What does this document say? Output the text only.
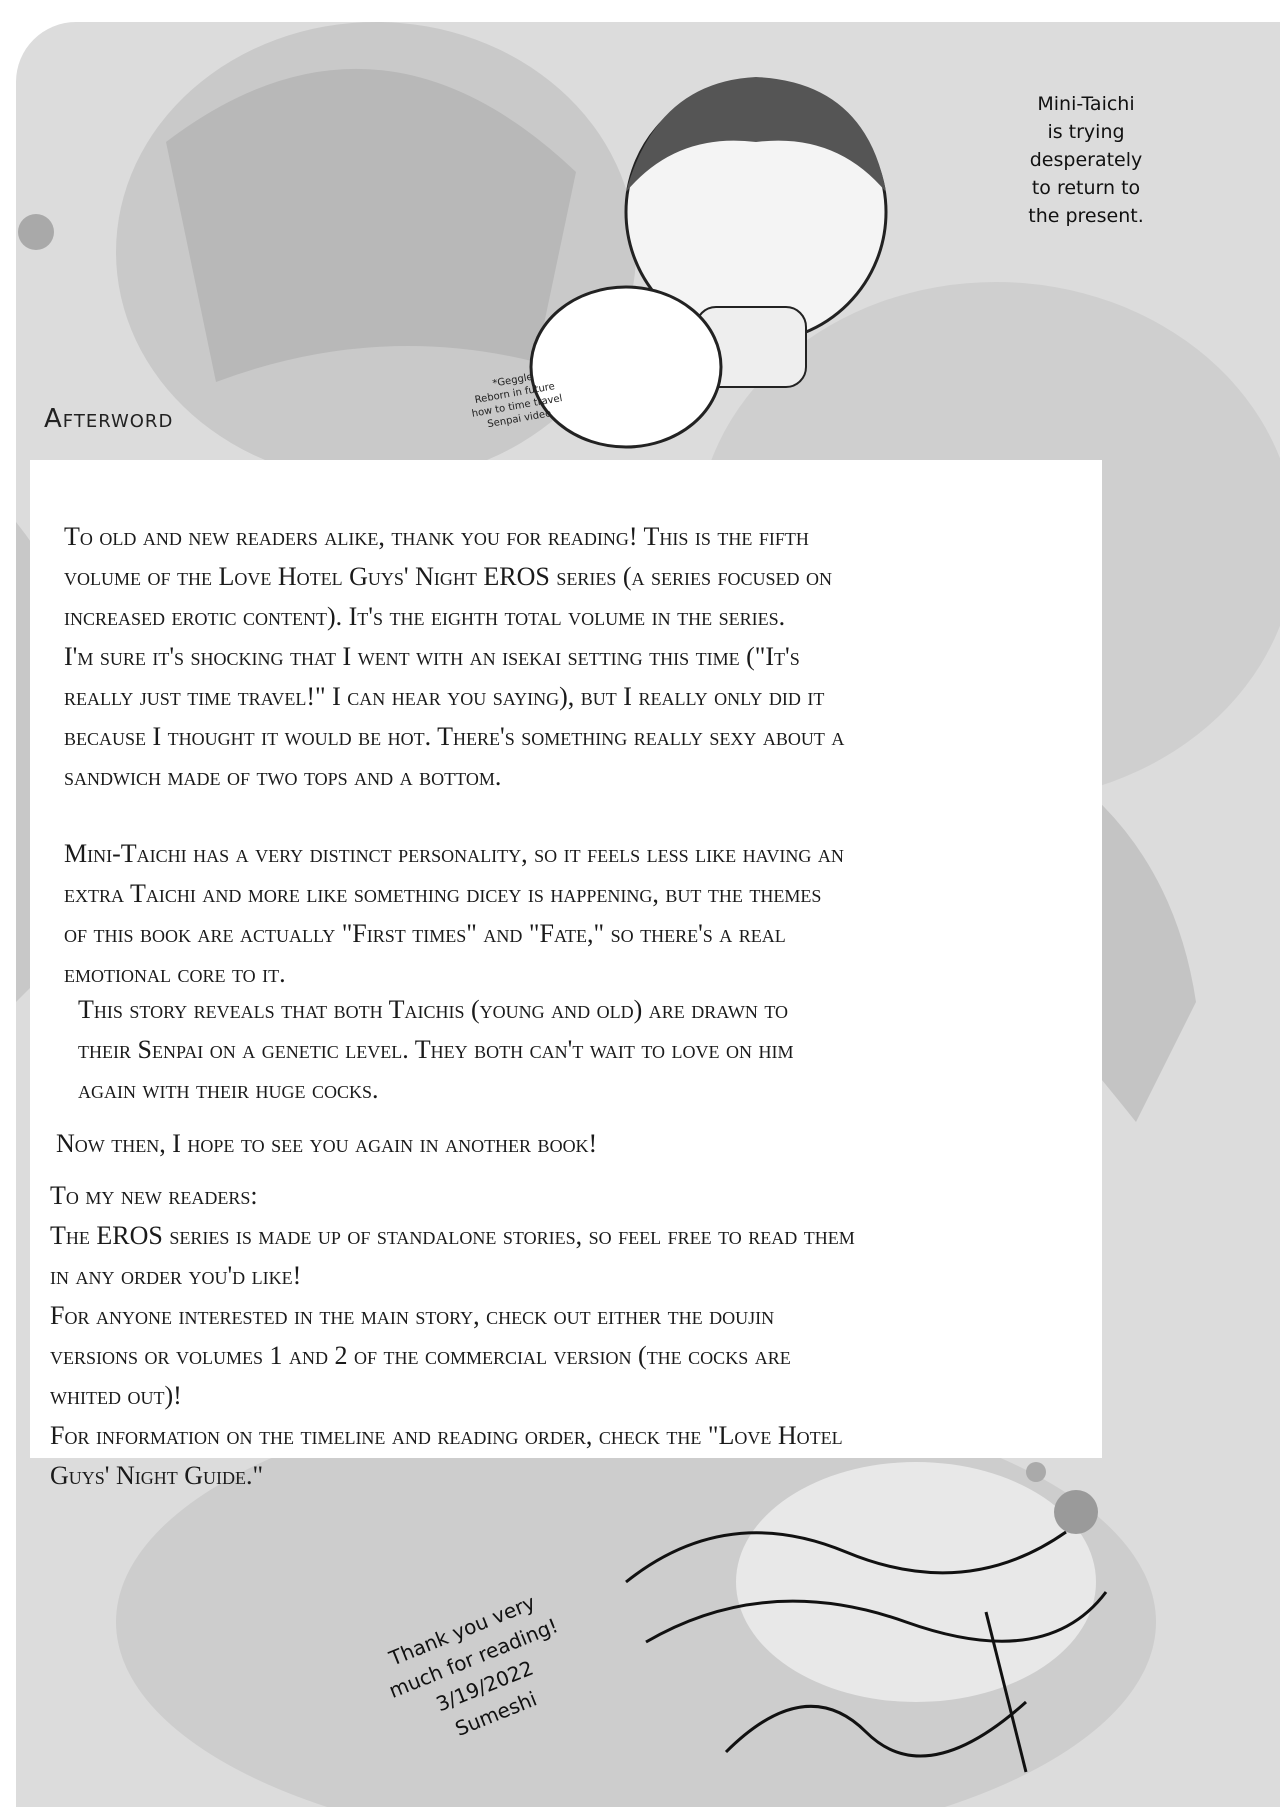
Afterword
Mini-Taichi
is trying
desperately
to return to
the present.
*Geggle
Reborn in future
how to time travel
Senpai video

To old and new readers alike, thank you for reading! This is the fifth
volume of the Love Hotel Guys' Night EROS series (a series focused on
increased erotic content). It's the eighth total volume in the series.
I'm sure it's shocking that I went with an isekai setting this time ("It's
really just time travel!" I can hear you saying), but I really only did it
because I thought it would be hot. There's something really sexy about a
sandwich made of two tops and a bottom.

Mini-Taichi has a very distinct personality, so it feels less like having an
extra Taichi and more like something dicey is happening, but the themes
of this book are actually "First times" and "Fate," so there's a real
emotional core to it.

This story reveals that both Taichis (young and old) are drawn to
their Senpai on a genetic level. They both can't wait to love on him
again with their huge cocks.

Now then, I hope to see you again in another book!

To my new readers:
The EROS series is made up of standalone stories, so feel free to read them
in any order you'd like!
For anyone interested in the main story, check out either the doujin
versions or volumes 1 and 2 of the commercial version (the cocks are
whited out)!
For information on the timeline and reading order, check the "Love Hotel
Guys' Night Guide."

Thank you very
much for reading!
3/19/2022
Sumeshi
